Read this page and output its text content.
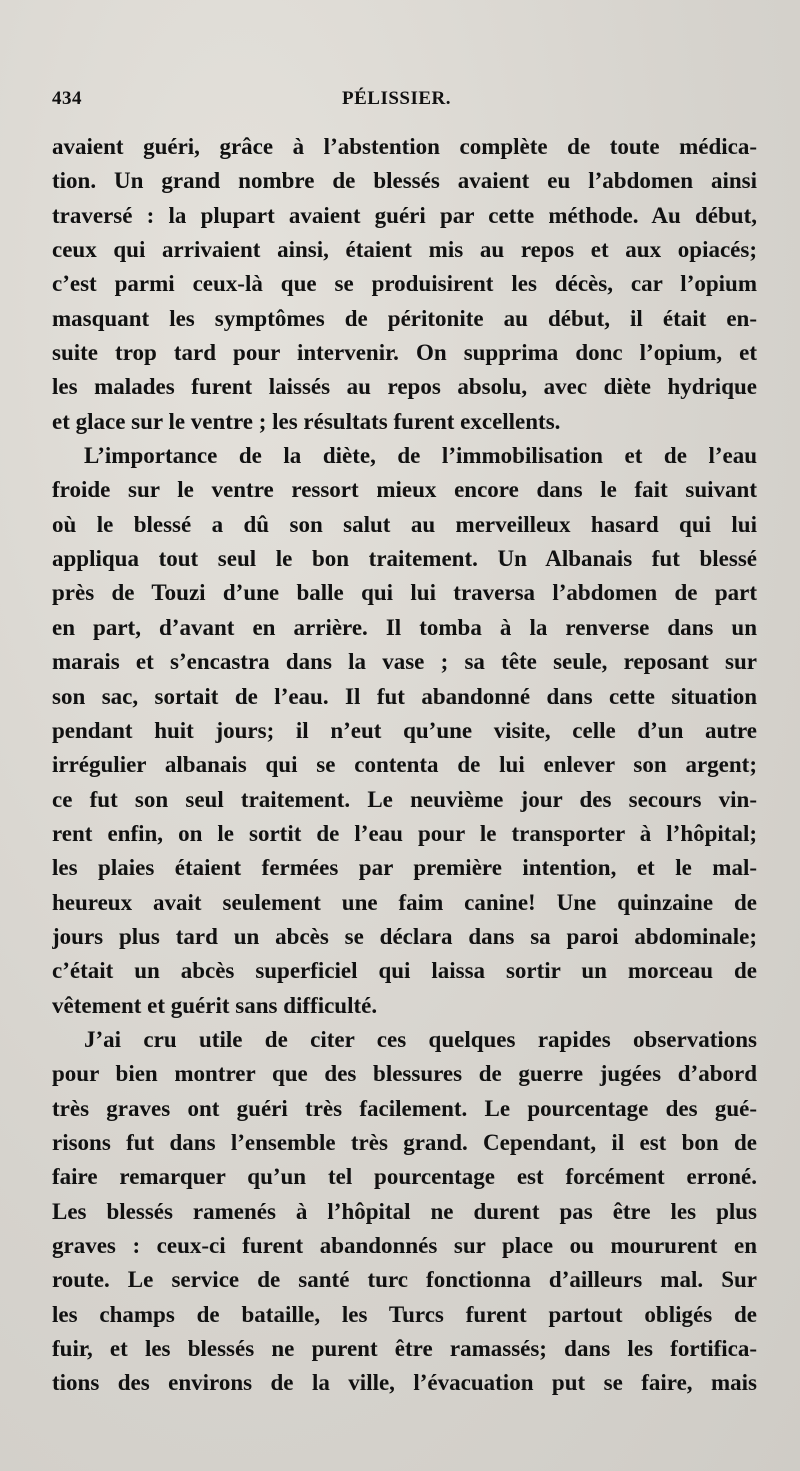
434	PÉLISSIER.
avaient guéri, grâce à l’abstention complète de toute médica-
tion. Un grand nombre de blessés avaient eu l’abdomen ainsi
traversé : la plupart avaient guéri par cette méthode. Au début,
ceux qui arrivaient ainsi, étaient mis au repos et aux opiacés;
c’est parmi ceux-là que se produisirent les décès, car l’opium
masquant les symptômes de péritonite au début, il était en-
suite trop tard pour intervenir. On supprima donc l’opium, et
les malades furent laissés au repos absolu, avec diète hydrique
et glace sur le ventre ; les résultats furent excellents.
L’importance de la diète, de l’immobilisation et de l’eau
froide sur le ventre ressort mieux encore dans le fait suivant
où le blessé a dû son salut au merveilleux hasard qui lui
appliqua tout seul le bon traitement. Un Albanais fut blessé
près de Touzi d’une balle qui lui traversa l’abdomen de part
en part, d’avant en arrière. Il tomba à la renverse dans un
marais et s’encastra dans la vase ; sa tête seule, reposant sur
son sac, sortait de l’eau. Il fut abandonné dans cette situation
pendant huit jours; il n’eut qu’une visite, celle d’un autre
irrégulier albanais qui se contenta de lui enlever son argent;
ce fut son seul traitement. Le neuvième jour des secours vin-
rent enfin, on le sortit de l’eau pour le transporter à l’hôpital;
les plaies étaient fermées par première intention, et le mal-
heureux avait seulement une faim canine! Une quinzaine de
jours plus tard un abcès se déclara dans sa paroi abdominale;
c’était un abcès superficiel qui laissa sortir un morceau de
vêtement et guérit sans difficulté.
J’ai cru utile de citer ces quelques rapides observations
pour bien montrer que des blessures de guerre jugées d’abord
très graves ont guéri très facilement. Le pourcentage des gué-
risons fut dans l’ensemble très grand. Cependant, il est bon de
faire remarquer qu’un tel pourcentage est forcément erroné.
Les blessés ramenés à l’hôpital ne durent pas être les plus
graves : ceux-ci furent abandonnés sur place ou moururent en
route. Le service de santé turc fonctionna d’ailleurs mal. Sur
les champs de bataille, les Turcs furent partout obligés de
fuir, et les blessés ne purent être ramassés; dans les fortifica-
tions des environs de la ville, l’évacuation put se faire, mais
